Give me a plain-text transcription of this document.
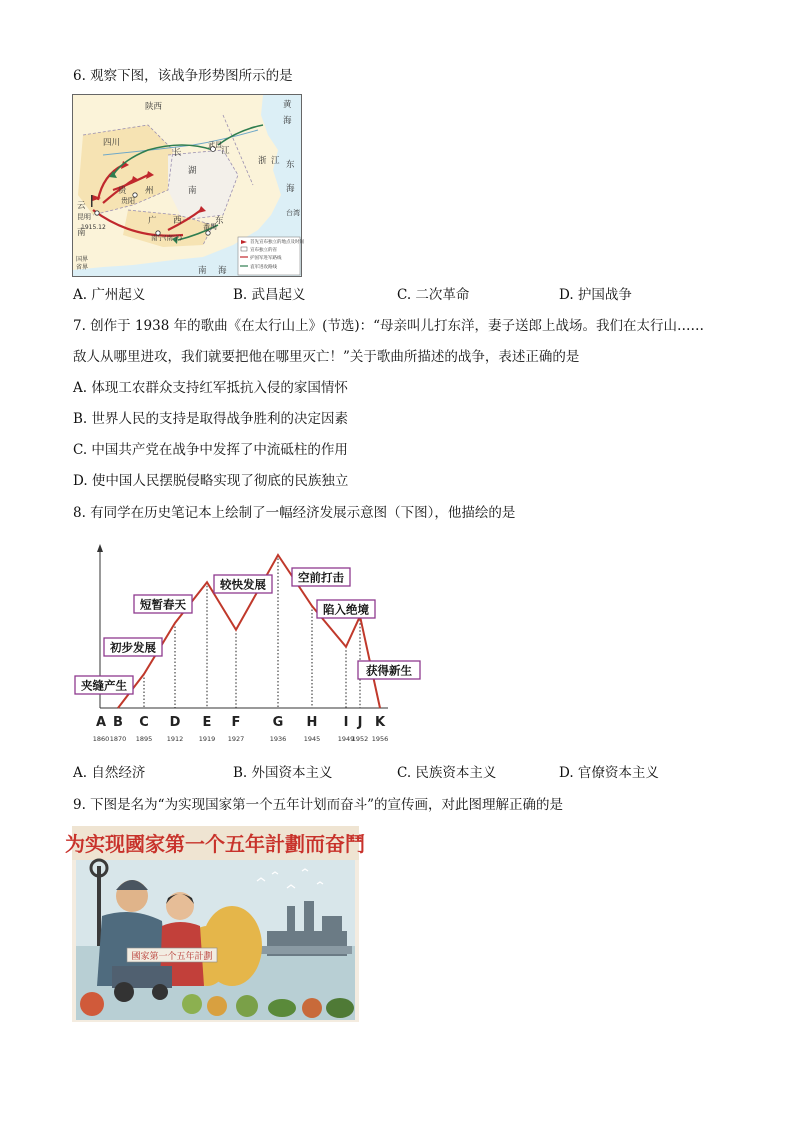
6. 观察下图，该战争形势图所示的是
陕西
四川
长
湖
南
贵 州
贵阳
云
南
昆明
1915.12
广 西
南宁(南宁)
番禺
东
武昌
江
浙 江
黄
海
东
海
台湾
南 海
国界
省界
首先宣布独立的地点及时间
宣布独立的省
护国军进军路线
袁军进攻路线
A. 广州起义	B. 武昌起义	C. 二次革命	D. 护国战争
7. 创作于 1938 年的歌曲《在太行山上》(节选)：“母亲叫儿打东洋，妻子送郎上战场。我们在太行山……
敌人从哪里进攻，我们就要把他在哪里灭亡！”关于歌曲所描述的战争，表述正确的是
A. 体现工农群众支持红军抵抗入侵的家国情怀
B. 世界人民的支持是取得战争胜利的决定因素
C. 中国共产党在战争中发挥了中流砥柱的作用
D. 使中国人民摆脱侵略实现了彻底的民族独立
8. 有同学在历史笔记本上绘制了一幅经济发展示意图（下图），他描绘的是
A
1860
B
1870
C
1895
D
1912
E
1919
F
1927
G
1936
H
1945
I
1949
J
1952
K
1956
夹缝产生
初步发展
短暂春天
较快发展	空前打击
陷入绝境
获得新生
A. 自然经济	B. 外国资本主义	C. 民族资本主义	D. 官僚资本主义
9. 下图是名为“为实现国家第一个五年计划而奋斗”的宣传画，对此图理解正确的是
为实现國家第一个五年計劃而奋鬥
國家第一个五年計劃
